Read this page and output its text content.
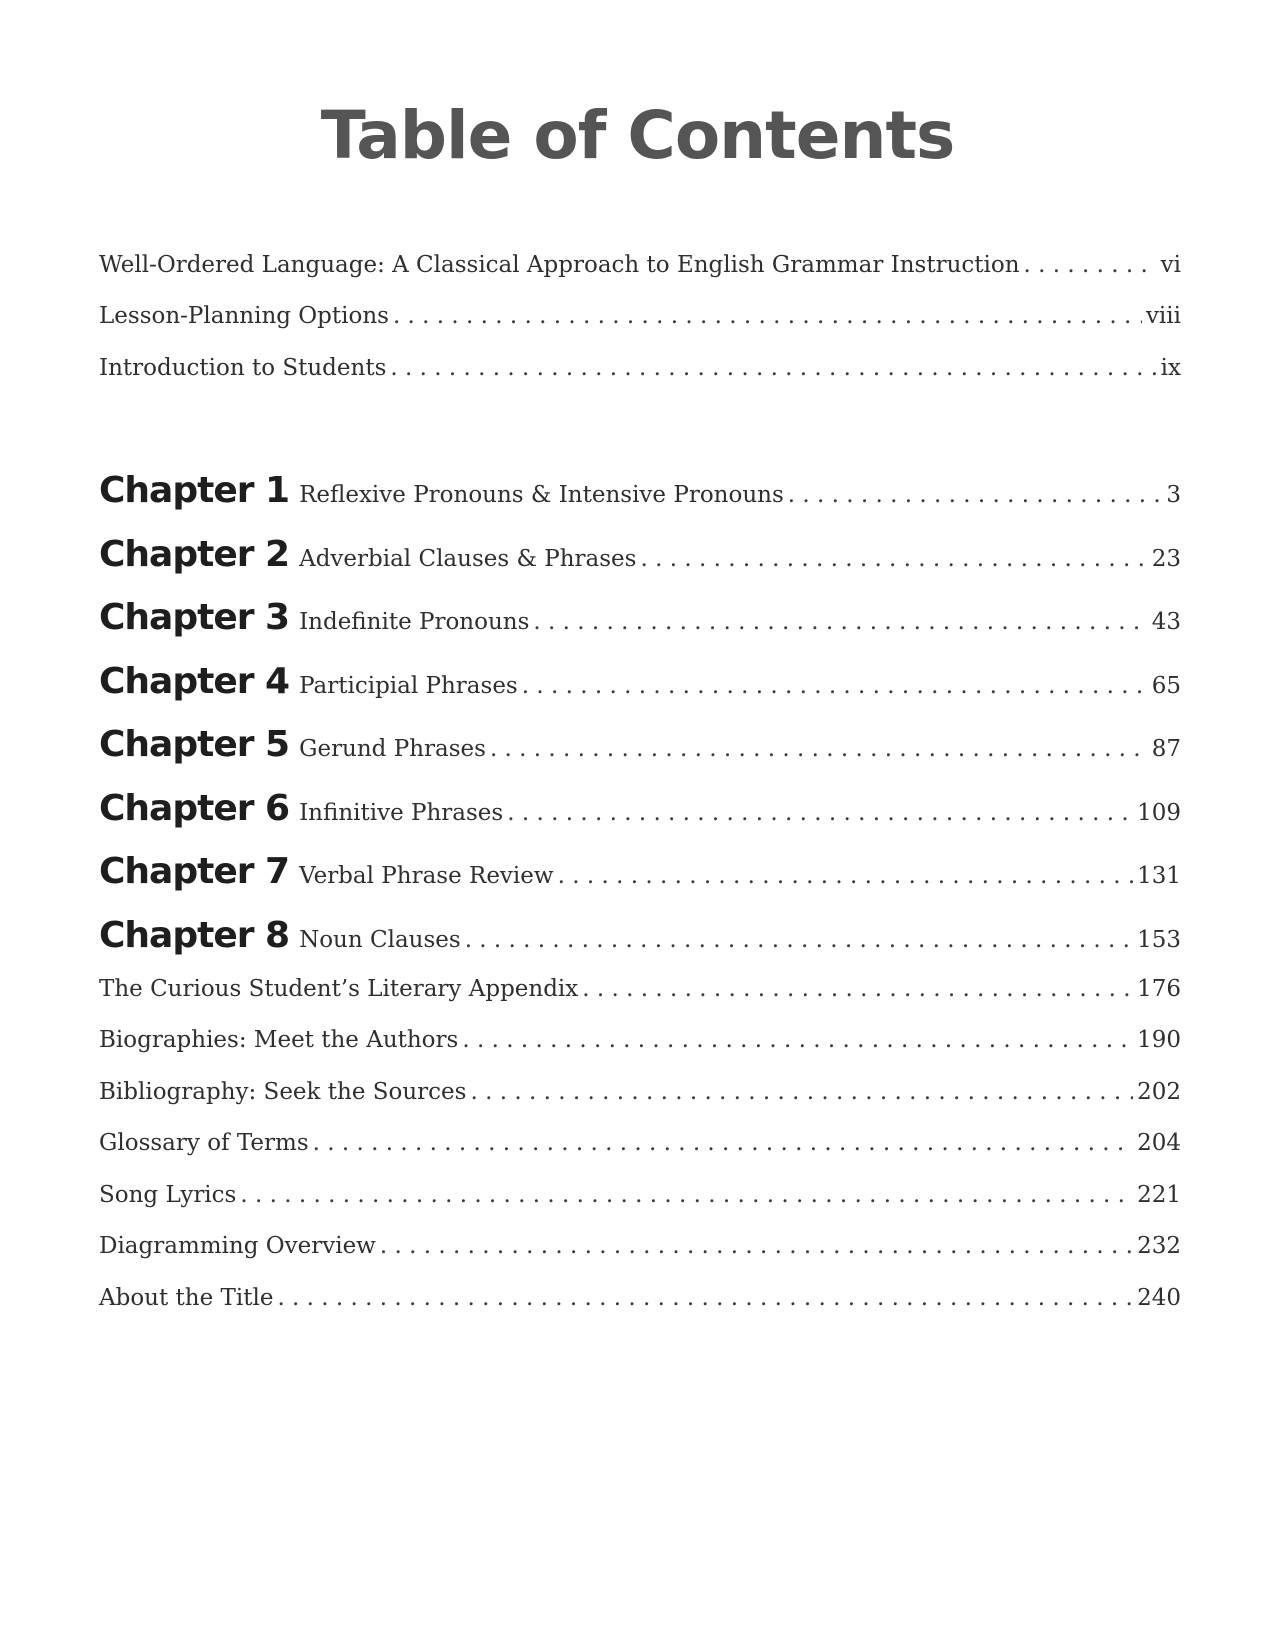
Table of Contents
Well-Ordered Language: A Classical Approach to English Grammar Instruction . . .	vi
Lesson-Planning Options . . .	viii
Introduction to Students . . .	ix
Chapter 1 Reflexive Pronouns & Intensive Pronouns . . .	3
Chapter 2 Adverbial Clauses & Phrases . . .	23
Chapter 3 Indefinite Pronouns . . .	43
Chapter 4 Participial Phrases . . .	65
Chapter 5 Gerund Phrases . . .	87
Chapter 6 Infinitive Phrases . . .	109
Chapter 7 Verbal Phrase Review . . .	131
Chapter 8 Noun Clauses . . .	153
The Curious Student’s Literary Appendix . . .	176
Biographies: Meet the Authors . . .	190
Bibliography: Seek the Sources . . .	202
Glossary of Terms . . .	204
Song Lyrics . . .	221
Diagramming Overview . . .	232
About the Title . . .	240
